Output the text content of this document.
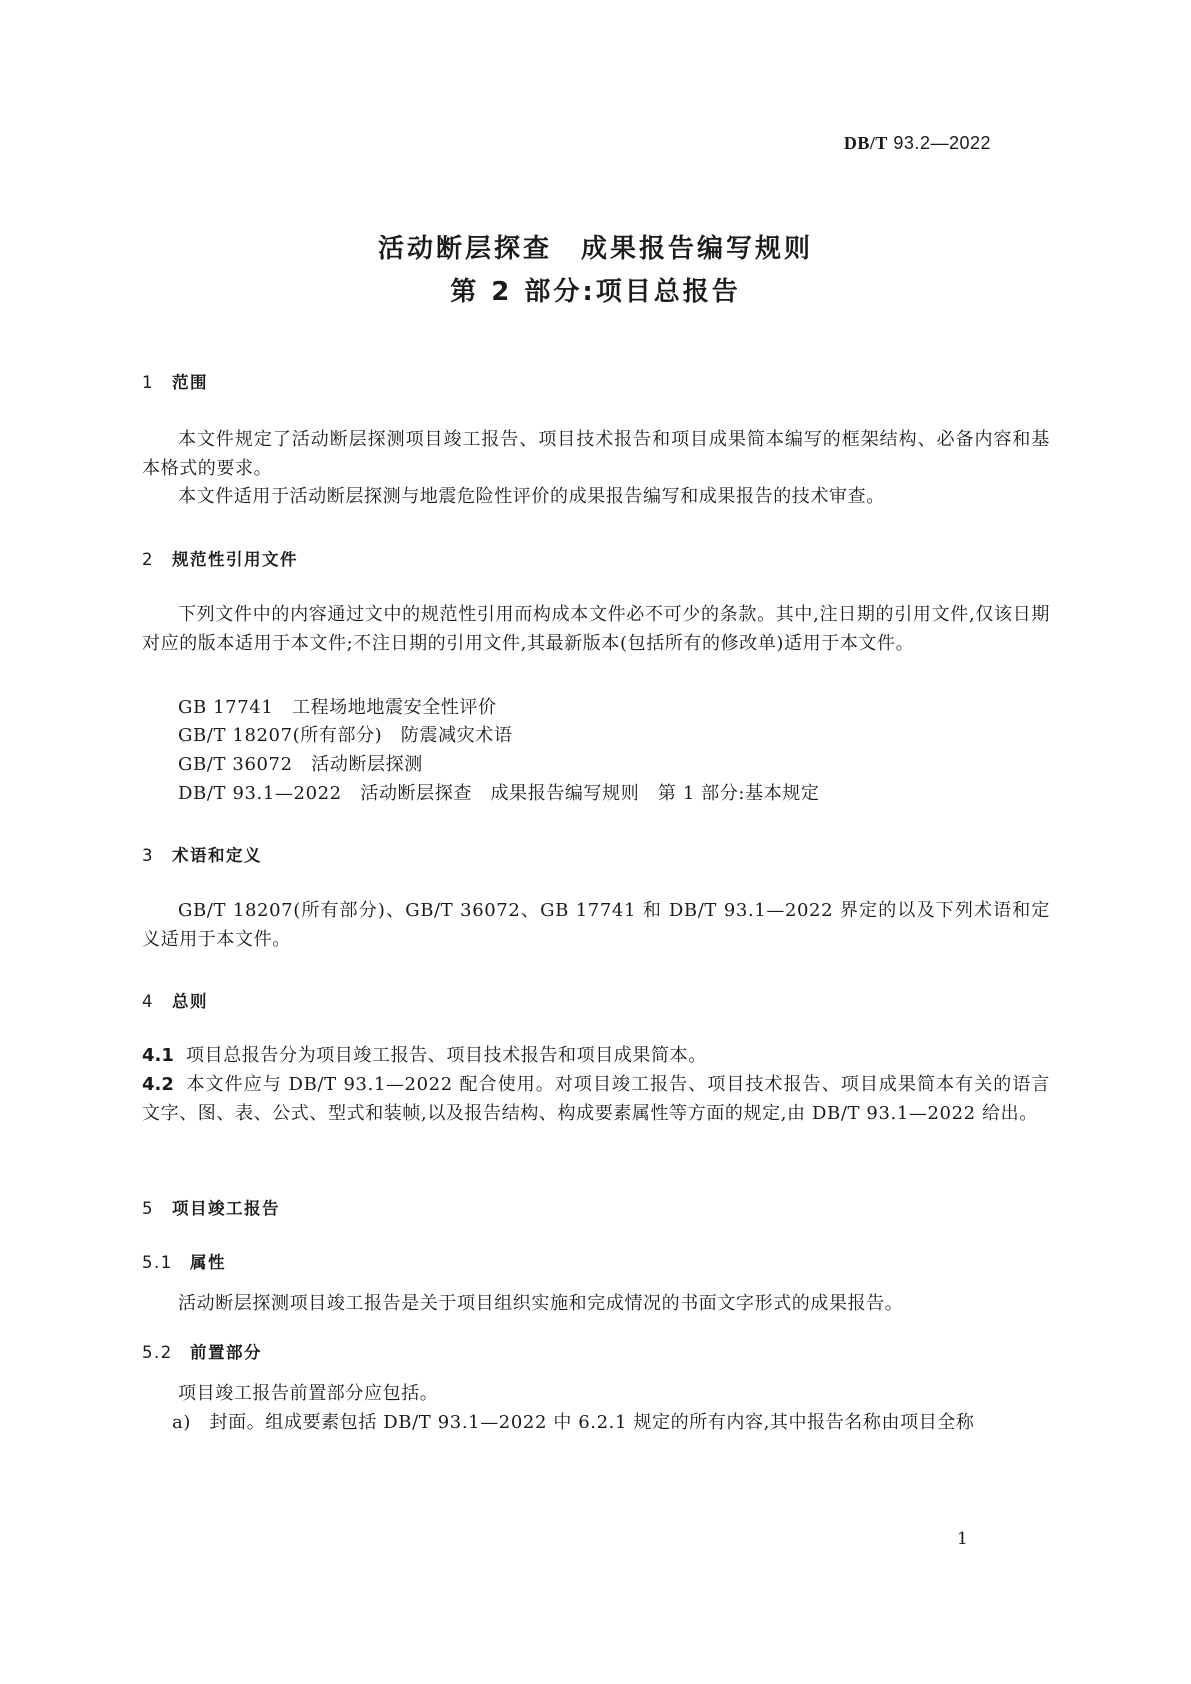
DB/T 93.2—2022
活动断层探查　成果报告编写规则
第 2 部分:项目总报告
1 范围

本文件规定了活动断层探测项目竣工报告、项目技术报告和项目成果简本编写的框架结构、必备内容和基本格式的要求。

本文件适用于活动断层探测与地震危险性评价的成果报告编写和成果报告的技术审查。

2 规范性引用文件

下列文件中的内容通过文中的规范性引用而构成本文件必不可少的条款。其中,注日期的引用文件,仅该日期对应的版本适用于本文件;不注日期的引用文件,其最新版本(包括所有的修改单)适用于本文件。

GB 17741　工程场地地震安全性评价
GB/T 18207(所有部分)　防震减灾术语
GB/T 36072　活动断层探测
DB/T 93.1—2022　活动断层探查　成果报告编写规则　第 1 部分:基本规定
3 术语和定义

GB/T 18207(所有部分)、GB/T 36072、GB 17741 和 DB/T 93.1—2022 界定的以及下列术语和定义适用于本文件。

4 总则

4.1 项目总报告分为项目竣工报告、项目技术报告和项目成果简本。

4.2 本文件应与 DB/T 93.1—2022 配合使用。对项目竣工报告、项目技术报告、项目成果简本有关的语言文字、图、表、公式、型式和装帧,以及报告结构、构成要素属性等方面的规定,由 DB/T 93.1—2022 给出。

5 项目竣工报告
5.1 属性

活动断层探测项目竣工报告是关于项目组织实施和完成情况的书面文字形式的成果报告。

5.2 前置部分

项目竣工报告前置部分应包括。

a)　封面。组成要素包括 DB/T 93.1—2022 中 6.2.1 规定的所有内容,其中报告名称由项目全称
1
